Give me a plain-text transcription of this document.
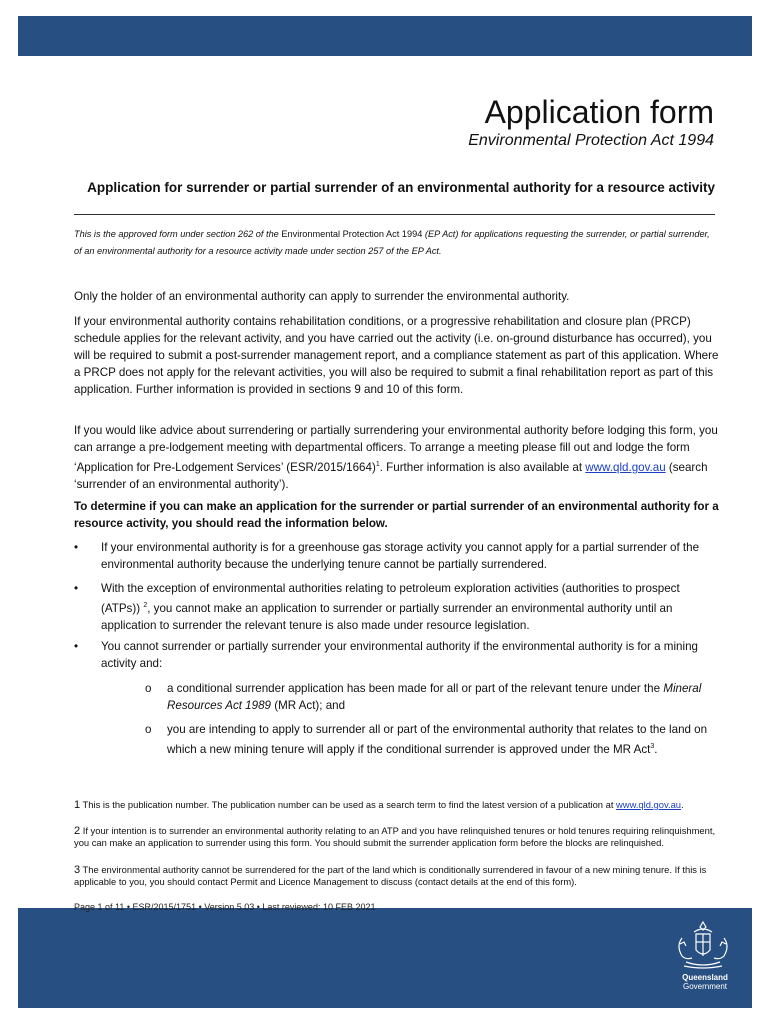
Application form
Environmental Protection Act 1994
Application for surrender or partial surrender of an environmental authority for a resource activity
This is the approved form under section 262 of the Environmental Protection Act 1994 (EP Act) for applications requesting the surrender, or partial surrender, of an environmental authority for a resource activity made under section 257 of the EP Act.
Only the holder of an environmental authority can apply to surrender the environmental authority.
If your environmental authority contains rehabilitation conditions, or a progressive rehabilitation and closure plan (PRCP) schedule applies for the relevant activity, and you have carried out the activity (i.e. on-ground disturbance has occurred), you will be required to submit a post-surrender management report, and a compliance statement as part of this application. Where a PRCP does not apply for the relevant activities, you will also be required to submit a final rehabilitation report as part of this application. Further information is provided in sections 9 and 10 of this form.
If you would like advice about surrendering or partially surrendering your environmental authority before lodging this form, you can arrange a pre-lodgement meeting with departmental officers. To arrange a meeting please fill out and lodge the form ‘Application for Pre-Lodgement Services’ $(ESR/2015/1664)^1$. Further information is also available at www.qld.gov.au (search ‘surrender of an environmental authority’).
To determine if you can make an application for the surrender or partial surrender of an environmental authority for a resource activity, you should read the information below.
• If your environmental authority is for a greenhouse gas storage activity you cannot apply for a partial surrender of the environmental authority because the underlying tenure cannot be partially surrendered.
• With the exception of environmental authorities relating to petroleum exploration activities (authorities to prospect (ATPs)) $^2$, you cannot make an application to surrender or partially surrender an environmental authority until an application to surrender the relevant tenure is also made under resource legislation.
• You cannot surrender or partially surrender your environmental authority if the environmental authority is for a mining activity and:
o a conditional surrender application has been made for all or part of the relevant tenure under the Mineral Resources Act 1989 (MR Act); and
o you are intending to apply to surrender all or part of the environmental authority that relates to the land on which a new mining tenure will apply if the conditional surrender is approved under the MR Act$^3$.
1 This is the publication number. The publication number can be used as a search term to find the latest version of a publication at www.qld.gov.au.
2 If your intention is to surrender an environmental authority relating to an ATP and you have relinquished tenures or hold tenures requiring relinquishment, you can make an application to surrender using this form. You should submit the surrender application form before the blocks are relinquished.
3 The environmental authority cannot be surrendered for the part of the land which is conditionally surrendered in favour of a new mining tenure. If this is applicable to you, you should contact Permit and Licence Management to discuss (contact details at the end of this form).
Page 1 of 11 • ESR/2015/1751 • Version 5.03 • Last reviewed: 10 FEB 2021
Queensland
Government
